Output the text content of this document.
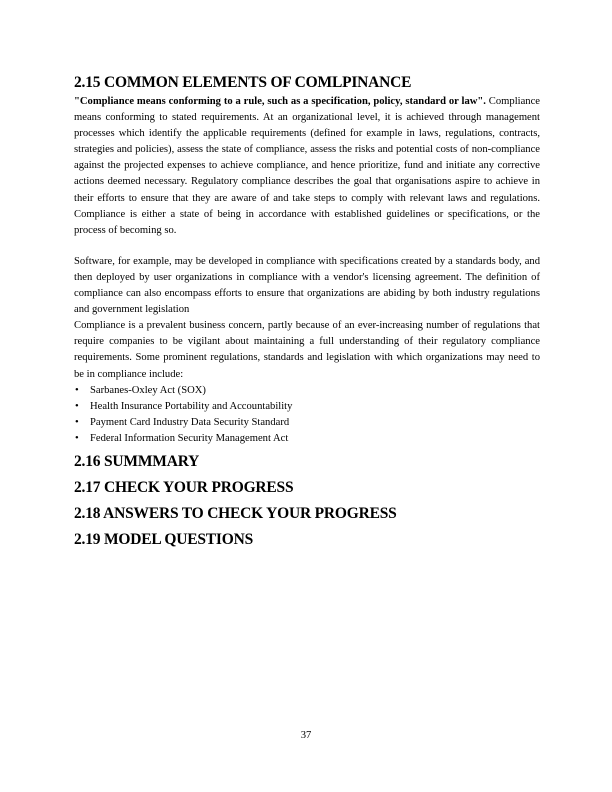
2.15 COMMON ELEMENTS OF COMLPINANCE

"Compliance means conforming to a rule, such as a specification, policy, standard or law". Compliance means conforming to stated requirements. At an organizational level, it is achieved through management processes which identify the applicable requirements (defined for example in laws, regulations, contracts, strategies and policies), assess the state of compliance, assess the risks and potential costs of non-compliance against the projected expenses to achieve compliance, and hence prioritize, fund and initiate any corrective actions deemed necessary. Regulatory compliance describes the goal that organisations aspire to achieve in their efforts to ensure that they are aware of and take steps to comply with relevant laws and regulations. Compliance is either a state of being in accordance with established guidelines or specifications, or the process of becoming so.

Software, for example, may be developed in compliance with specifications created by a standards body, and then deployed by user organizations in compliance with a vendor's licensing agreement. The definition of compliance can also encompass efforts to ensure that organizations are abiding by both industry regulations and government legislation

Compliance is a prevalent business concern, partly because of an ever-increasing number of regulations that require companies to be vigilant about maintaining a full understanding of their regulatory compliance requirements. Some prominent regulations, standards and legislation with which organizations may need to be in compliance include:

• Sarbanes-Oxley Act (SOX)
• Health Insurance Portability and Accountability
• Payment Card Industry Data Security Standard
• Federal Information Security Management Act
2.16 SUMMMARY
2.17 CHECK YOUR PROGRESS
2.18 ANSWERS TO CHECK YOUR PROGRESS
2.19 MODEL QUESTIONS
37
